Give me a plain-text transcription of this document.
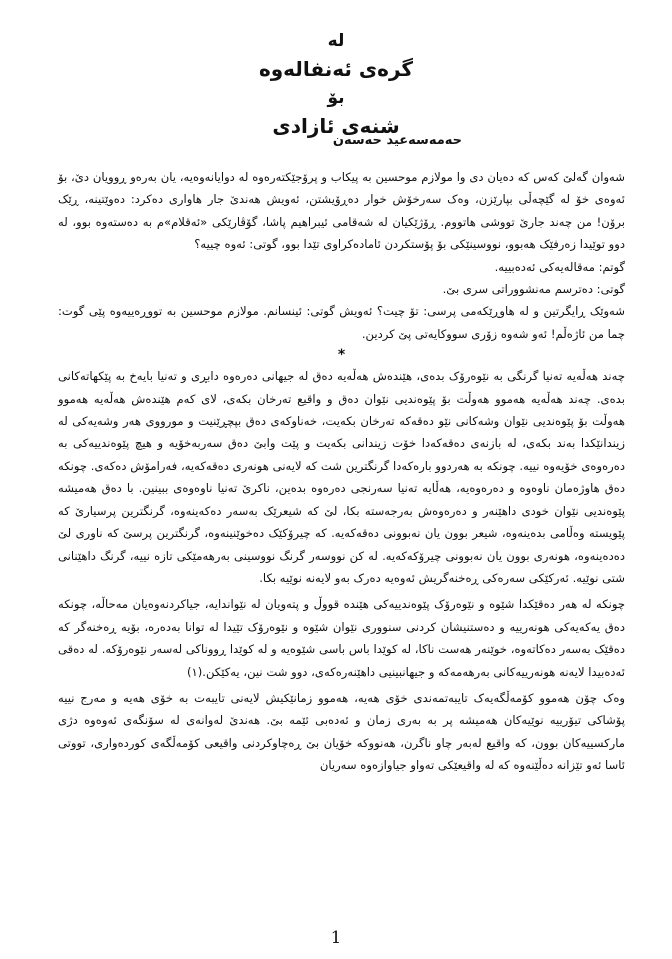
له

گرەی ئەنفالەوە

بۆ

شنەی ئازادی

حەمەسەعید حەسەن

شەوان گەلێ کەس کە دەیان دی وا مولازم موحسین بە پیکاب و پرۆجێکتەرەوە لە دوایانەوەیە، یان بەرەو ڕوویان دێ، بۆ ئەوەی خۆ لە گێچەڵی بپارێزن، وەک سەرخۆش خوار دەڕۆیشتن، ئەویش هەندێ جار هاواری دەکرد: دەوێتینە، ڕێک برۆن! من چەند جارێ تووشی هاتووم. ڕۆژێکیان لە شەقامی ئیبراهیم پاشا، گۆڤارێکی «ئەقلام»م بە دەستەوە بوو، لە دوو توێیدا زەرفێک هەبوو، نووسینێکی بۆ پۆستکردن ئامادەکراوی تێدا بوو، گوتی: ئەوە چییە؟

گوتم: مەقالەیەکی ئەدەبییە.

گوتی: دەترسم مەنشووراتی سری بێ.

شەوێک ڕایگرتین و لە هاوڕێکەمی پرسی: تۆ چیت؟ ئەویش گوتی: ئینسانم. مولازم موحسین بە تووڕەییەوە پێی گوت: چما من ئاژەڵم! ئەو شەوە زۆری سووکایەتی پێ کردین.

*

چەند هەڵەیە تەنیا گرنگی بە نێوەرۆک بدەی، هێندەش هەڵەیە دەق لە جیهانی دەرەوە دابڕی و تەنیا بایەخ بە پێکهاتەکانی بدەی. چەند هەڵەیە هەموو هەوڵت بۆ پێوەندیی نێوان دەق و واقیع تەرخان بکەی، لای کەم هێندەش هەڵەیە هەموو هەوڵت بۆ پێوەندیی نێوان وشەکانی نێو دەقەکە تەرخان بکەیت، خەناوکەی دەق بپچڕێنیت و مورووی هەر وشەیەکی لە زیندانێکدا بەند بکەی، لە بازنەی دەقەکەدا خۆت زیندانی بکەیت و پێت وابێ دەق سەربەخۆیە و هیچ پێوەندییەکی بە دەرەوەی خۆیەوە نییە. چونکە بە هەردوو بارەکەدا گرنگترین شت کە لایەنی هونەری دەقەکەیە، فەرامۆش دەکەی. چونکە دەق هاوژەمان ناوەوە و دەرەوەیە، هەڵایە تەنیا سەرنجی دەرەوە بدەین، ناکرێ تەنیا ناوەوەی ببینین. با دەق هەمیشە پێوەندیی نێوان خودی داهێنەر و دەرەوەش بەرجەستە بکا، لێ کە شیعرێک بەسەر دەکەینەوە، گرنگترین پرسیارێ کە پێویستە وەڵامی بدەینەوە، شیعر بوون یان نەبوونی دەقەکەیە. کە چیرۆکێک دەخوێنینەوە، گرنگترین پرسێ کە ناوری لێ دەدەینەوە، هونەری بوون یان نەبوونی چیرۆکەکەیە. لە کن نووسەر گرنگ نووسینی بەرهەمێکی تازە نییە، گرنگ داهێنانی شتی نوێیە. ئەرکێکی سەرەکی ڕەخنەگریش ئەوەیە دەرک بەو لایەنە نوێیە بکا.

چونکە لە هەر دەقێکدا شێوە و نێوەرۆک پێوەندییەکی هێندە قووڵ و پتەویان لە نێواندایە، جیاکردنەوەیان مەحاڵە، چونکە دەق یەکەیەکی هونەرییە و دەستنیشان کردنی سنووری نێوان شێوە و نێوەرۆک تێیدا لە توانا بەدەرە، بۆیە ڕەخنەگر کە دەقێک بەسەر دەکاتەوە، خوێنەر هەست ناکا، لە کوێدا باس باسی شێوەیە و لە کوێدا ڕووناکی لەسەر نێوەرۆکە. لە دەقی ئەدەبیدا لایەنە هونەرییەکانی بەرهەمەکە و جیهانبینیی داهێنەرەکەی، دوو شت نین، یەکێکن.(١)

وەک چۆن هەموو کۆمەڵگەیەک تایبەتمەندی خۆی هەیە، هەموو زمانێکیش لایەنی تایبەت بە خۆی هەیە و مەرج نییە پۆشاکی تیۆرییە نوێیەکان هەمیشە پر بە بەری زمان و ئەدەبی ئێمە بێ. هەندێ لەوانەی لە سۆنگەی ئەوەوە دژی مارکسییەکان بوون، کە واقیع لەبەر چاو ناگرن، هەنووکە خۆیان بێ ڕەچاوکردنی واقیعی کۆمەڵگەی کوردەواری، تووتی ئاسا ئەو تێزانە دەڵێنەوە کە لە واقیعێکی تەواو جیاوازەوە سەریان

1
